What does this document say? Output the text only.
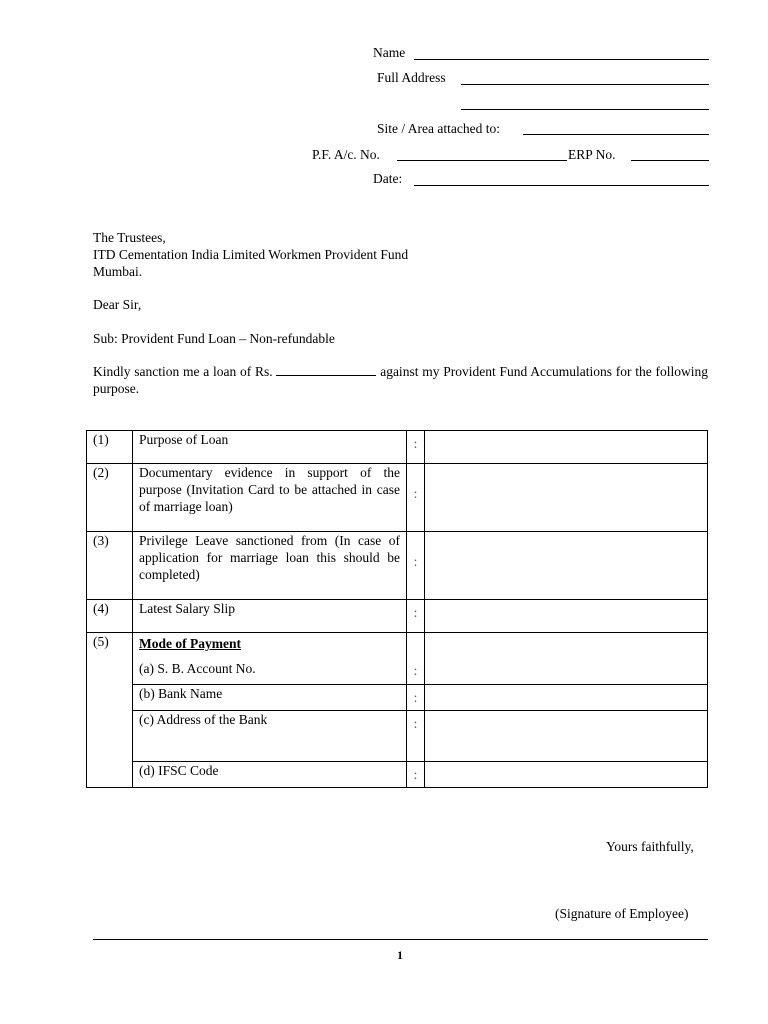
Name
Full Address
Site / Area attached to:
P.F. A/c. No.	ERP No.
Date:
The Trustees,
ITD Cementation India Limited Workmen Provident Fund
Mumbai.
Dear Sir,
Sub: Provident Fund Loan – Non-refundable
Kindly sanction me a loan of Rs.	against my Provident Fund Accumulations for the following purpose.
(1)	Purpose of Loan	:	
(2)	Documentary evidence in support of the purpose (Invitation Card to be attached in case of marriage loan)	:	
(3)	Privilege Leave sanctioned from (In case of application for marriage loan this should be completed)	:	
(4)	Latest Salary Slip	:	
(5)	Mode of Payment
(a) S. B. Account No.	:	
	(b) Bank Name	:	
	(c) Address of the Bank	:	
	(d) IFSC Code	:	
Yours faithfully,
(Signature of Employee)
1
